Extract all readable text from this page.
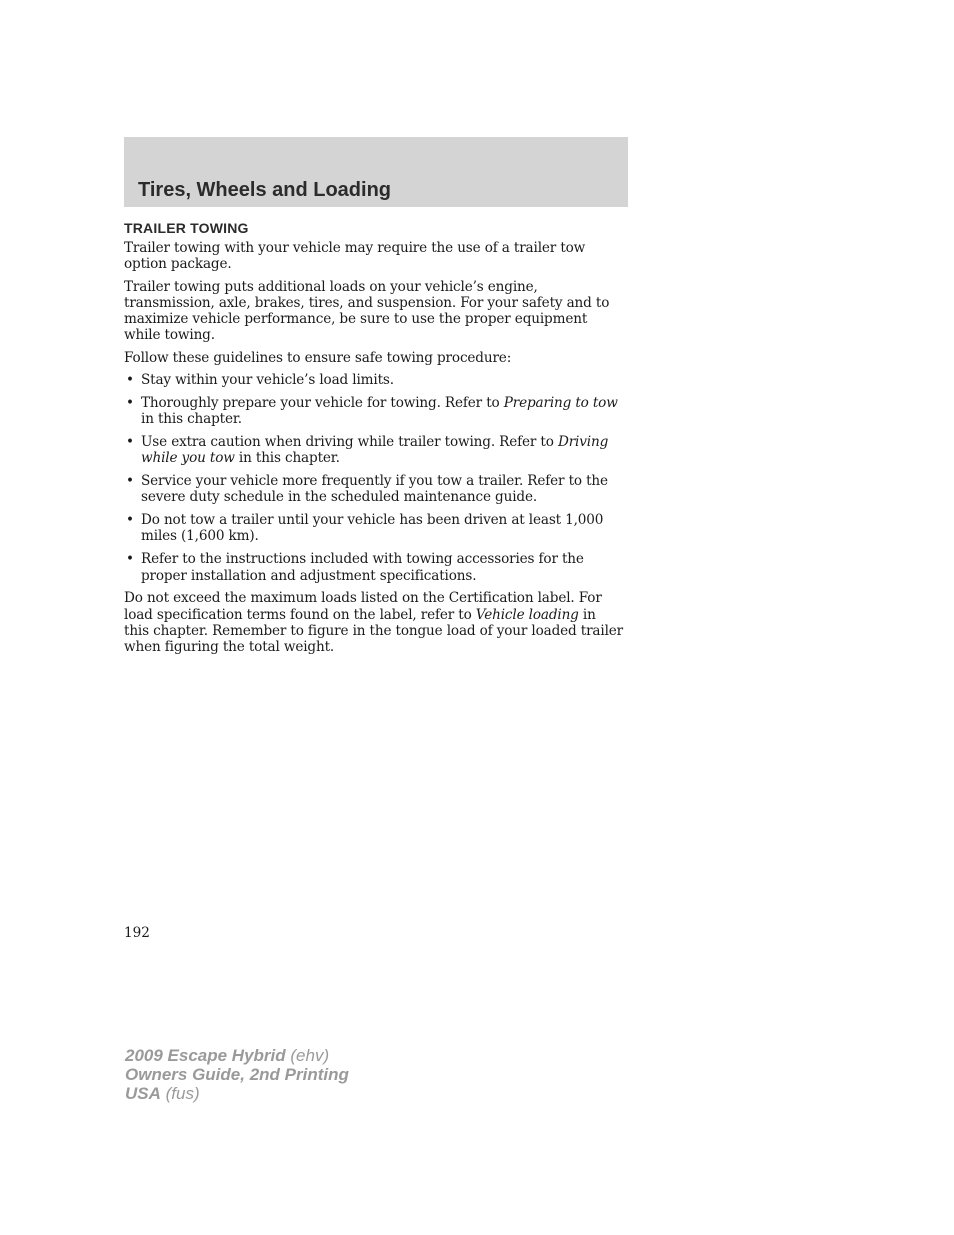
Tires, Wheels and Loading
TRAILER TOWING

Trailer towing with your vehicle may require the use of a trailer tow option package.

Trailer towing puts additional loads on your vehicle’s engine, transmission, axle, brakes, tires, and suspension. For your safety and to maximize vehicle performance, be sure to use the proper equipment while towing.

Follow these guidelines to ensure safe towing procedure:

• Stay within your vehicle’s load limits.
• Thoroughly prepare your vehicle for towing. Refer to Preparing to tow in this chapter.
• Use extra caution when driving while trailer towing. Refer to Driving while you tow in this chapter.
• Service your vehicle more frequently if you tow a trailer. Refer to the severe duty schedule in the scheduled maintenance guide.
• Do not tow a trailer until your vehicle has been driven at least 1,000 miles (1,600 km).
• Refer to the instructions included with towing accessories for the proper installation and adjustment specifications.

Do not exceed the maximum loads listed on the Certification label. For load specification terms found on the label, refer to Vehicle loading in this chapter. Remember to figure in the tongue load of your loaded trailer when figuring the total weight.

192
2009 Escape Hybrid (ehv)
Owners Guide, 2nd Printing
USA (fus)
